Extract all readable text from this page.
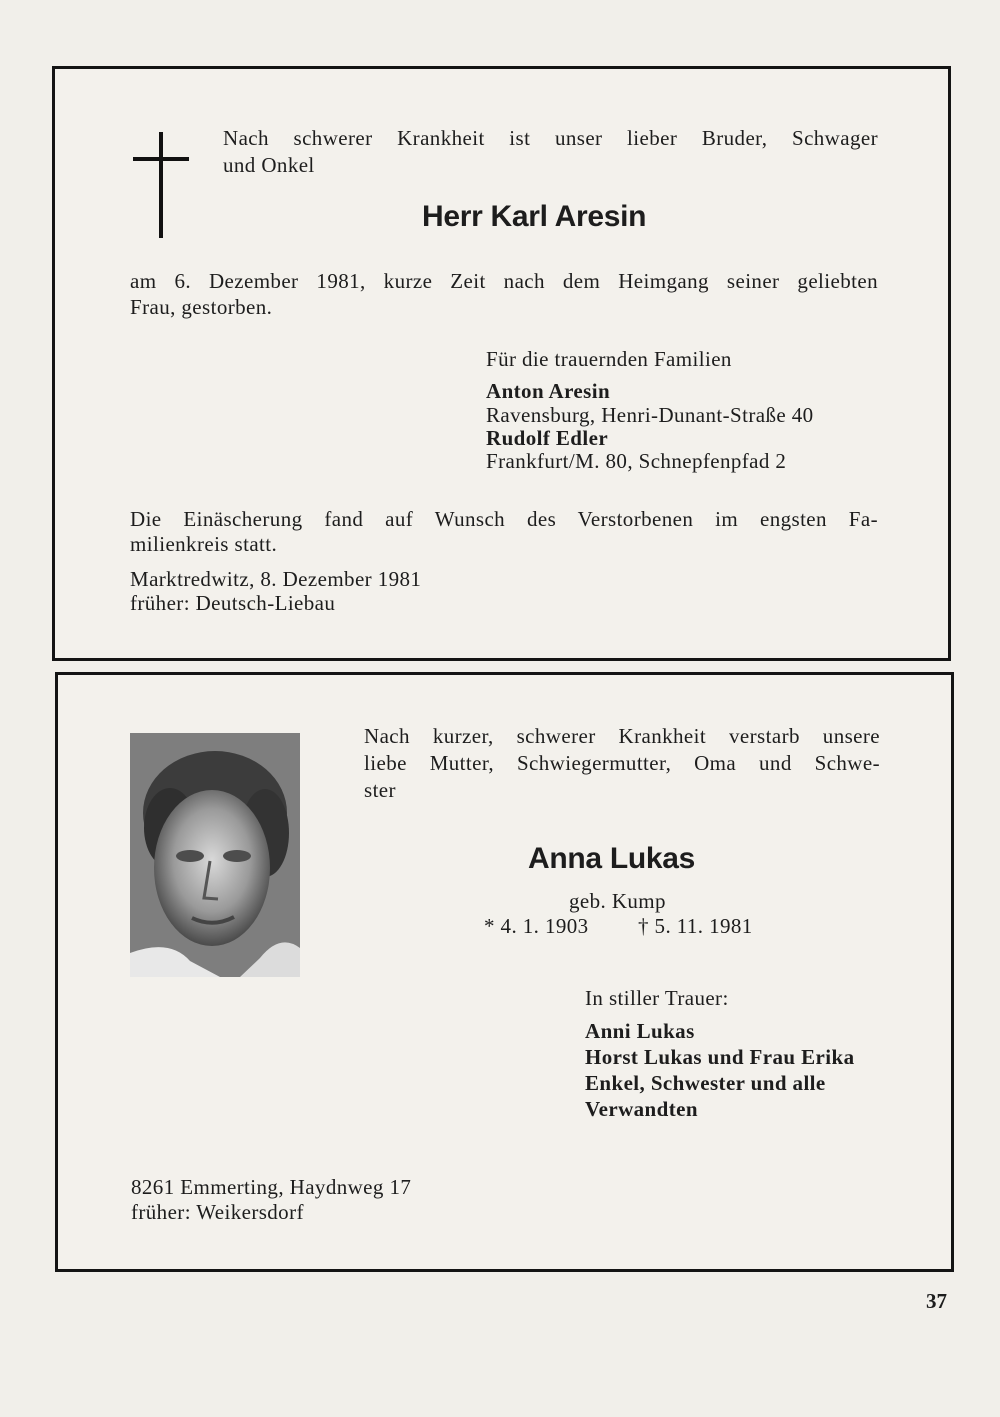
Nach schwerer Krankheit ist unser lieber Bruder, Schwager
und Onkel
Herr Karl Aresin
am 6. Dezember 1981, kurze Zeit nach dem Heimgang seiner geliebten
Frau, gestorben.
Für die trauernden Familien
Anton Aresin
Ravensburg, Henri-Dunant-Straße 40
Rudolf Edler
Frankfurt/M. 80, Schnepfenpfad 2
Die Einäscherung fand auf Wunsch des Verstorbenen im engsten Fa-
milienkreis statt.
Marktredwitz, 8. Dezember 1981
früher: Deutsch-Liebau
Nach kurzer, schwerer Krankheit verstarb unsere
liebe Mutter, Schwiegermutter, Oma und Schwe-
ster
Anna Lukas
geb. Kump
* 4. 1. 1903 † 5. 11. 1981
In stiller Trauer:
Anni Lukas
Horst Lukas und Frau Erika
Enkel, Schwester und alle
Verwandten
8261 Emmerting, Haydnweg 17
früher: Weikersdorf
37
